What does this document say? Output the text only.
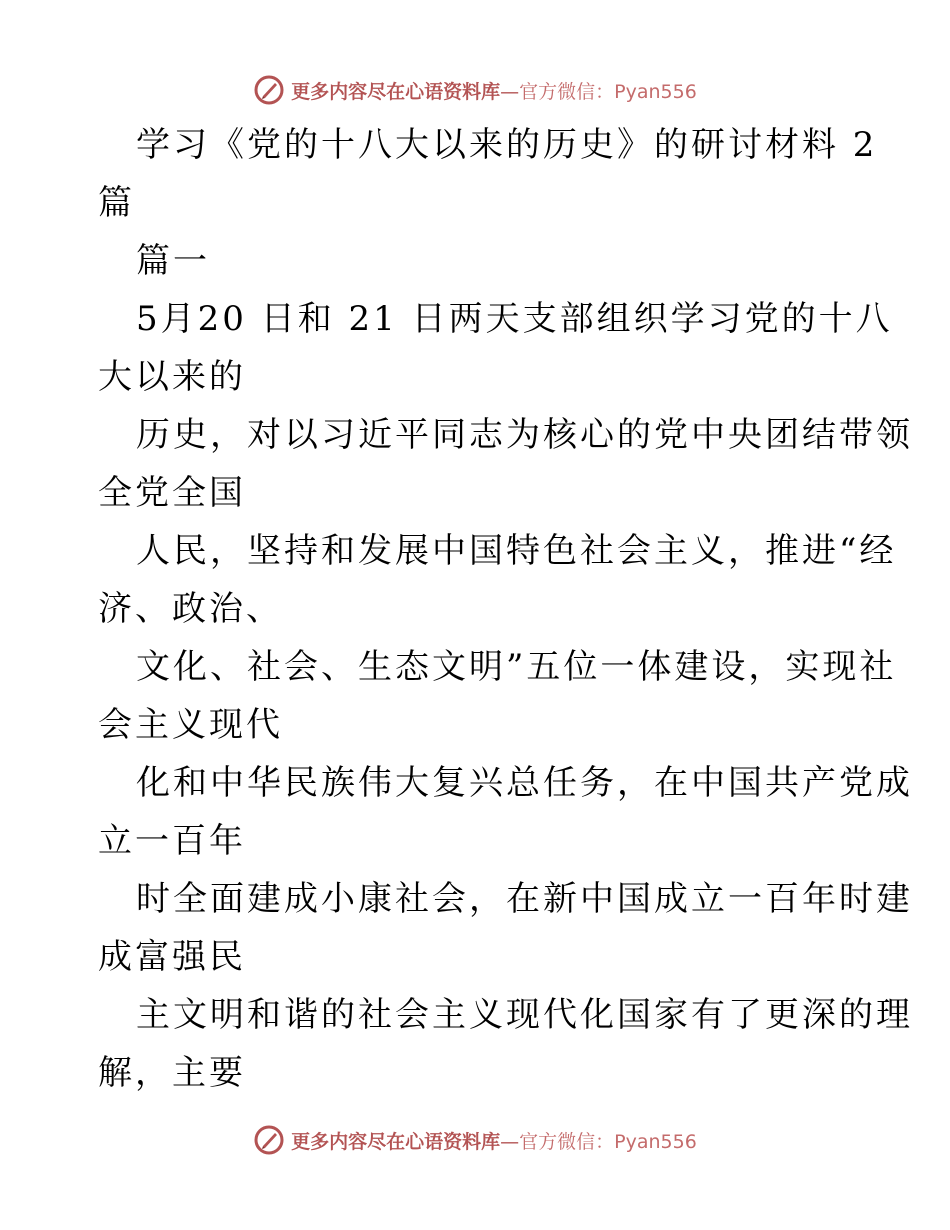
更多内容尽在心语资料库—官方微信：Pyan556
学习《党的十八大以来的历史》的研讨材料 2
篇
篇一
5月20 日和 21 日两天支部组织学习党的十八
大以来的
历史，对以习近平同志为核心的党中央团结带领
全党全国
人民，坚持和发展中国特色社会主义，推进“经
济、政治、
文化、社会、生态文明”五位一体建设，实现社
会主义现代
化和中华民族伟大复兴总任务，在中国共产党成
立一百年
时全面建成小康社会，在新中国成立一百年时建
成富强民
主文明和谐的社会主义现代化国家有了更深的理
解，主要
更多内容尽在心语资料库—官方微信：Pyan556
